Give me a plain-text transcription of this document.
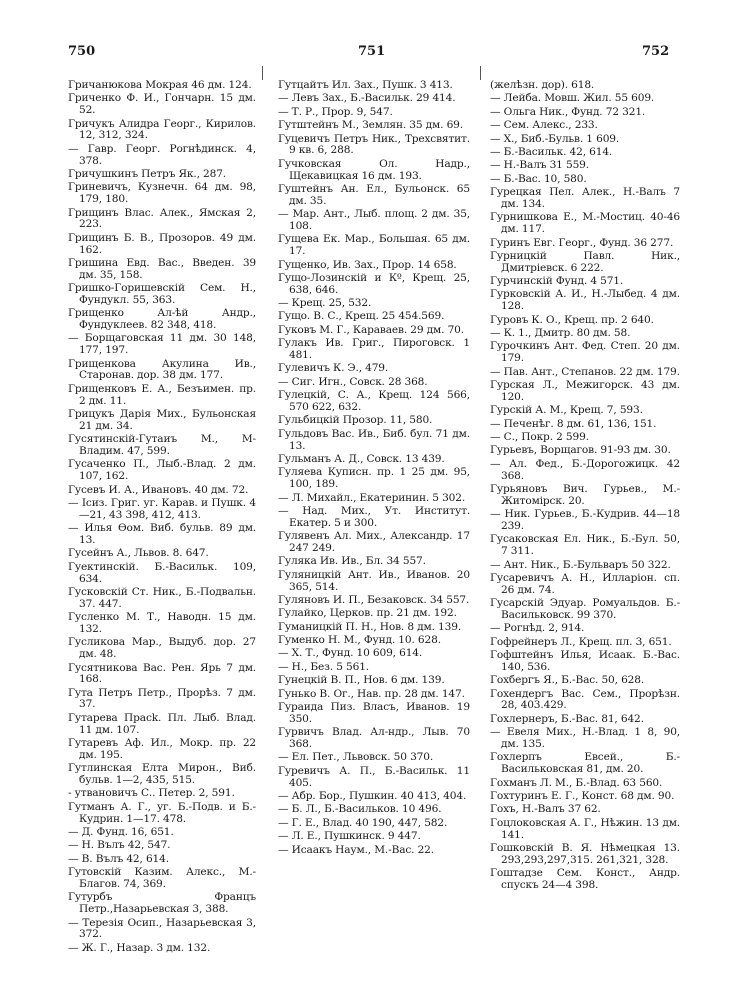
750	751	752
Гричанюкова Мокрая 46 дм. 124.
Гриченко Ф. И., Гончарн. 15 дм. 52.
Гричукъ Алидра Георг., Кирилов. 12, 312, 324.
— Гавр. Георг. Рогнѣдинск. 4, 378.
Гричушкинъ Петръ Як., 287.
Гриневичъ, Кузнечн. 64 дм. 98, 179, 180.
Грищинъ Влас. Алек., Ямская 2, 223.
Грищинъ Б. В., Прозоров. 49 дм. 162.
Гришина Евд. Вас., Введен. 39 дм. 35, 158.
Гришко-Горишевскій Сем. Н., Фундукл. 55, 363.
Грищенко Ал-ѣй Андр., Фундуклеев. 82 348, 418.
— Борщаговская 11 дм. 30 148, 177, 197.
Грищенкова Акулина Ив., Старонав. дор. 38 дм. 177.
Грищенковъ Е. А., Безъимен. пр. 2 дм. 11.
Грицукъ Дарія Мих., Бульонская 21 дм. 34.
Гусятинскій-Гутаиъ М., М-Владим. 47, 599.
Гусаченко П., Лыб.-Влад. 2 дм. 107, 162.
Гусевъ И. А., Ивановъ. 40 дм. 72.
— Ісиз. Григ. уг. Карав. и Пушк. 4—21, 43 398, 412, 413.
— Илья Ѳом. Виб. бульв. 89 дм. 13.
Гусейнъ А., Львов. 8. 647.
Гуектинскій. Б.-Васильк. 109, 634.
Гусковскій Ст. Ник., Б.-Подвальн. 37. 447.
Гусленко М. Т., Наводн. 15 дм. 132.
Гусликова Мар., Выдуб. дор. 27 дм. 48.
Гусятникова Вас. Рен. Ярь 7 дм. 168.
Гута Петръ Петр., Прорѣз. 7 дм. 37.
Гутарева Прасk. Пл. Лыб. Влад. 11 дм. 107.
Гутаревъ Аф. Ил., Мокр. пр. 22 дм. 195.
Гутлинская Елта Мирон., Виб. бульв. 1—2, 435, 515.
- утвановичъ С.. Петер. 2, 591.
Гутманъ А. Г., уг. Б.-Подв. и Б.-Кудрин. 1—17. 478.
— Д. Фунд. 16, 651.
— Н. Вълъ 42, 547.
— В. Вълъ 42, 614.
Гутовскій Казим. Алекс., М.-Благов. 74, 369.
Гутурбъ Францъ Петр.,Назарьевская 3, 388.
— Терезія Осип., Назарьевская 3, 372.
— Ж. Г., Назар. 3 дм. 132.
Гутцайтъ Ил. Зах., Пушк. 3 413.
— Левъ Зах., Б.-Васильк. 29 414.
— Т. Р., Прор. 9, 547.
Гутштейнъ М., Землян. 35 дм. 69.
Гуцевичъ Петръ Ник., Трехсвятит. 9 кв. 6, 288.
Гучковская Ол. Надр., Щекавицкая 16 дм. 193.
Гуштейнъ Ан. Ел., Бульонск. 65 дм. 35.
— Мар. Ант., Лыб. площ. 2 дм. 35, 108.
Гущева Ек. Мар., Большая. 65 дм. 17.
Гущенко, Ив. Зах., Прор. 14 658.
Гущо-Лозинскій и Кº, Крещ. 25, 638, 646.
— Крещ. 25, 532.
Гущо. В. С., Крещ. 25 454.569.
Гуковъ М. Г., Караваев. 29 дм. 70.
Гулакъ Ив. Григ., Пироговск. 1 481.
Гулевичъ К. Э., 479.
— Сиг. Игн., Совск. 28 368.
Гулецкій, С. А., Крещ. 124 566, 570 622, 632.
Гульбицкій Прозор. 11, 580.
Гульдовъ Вас. Ив., Биб. бул. 71 дм. 13.
Гульманъ А. Д., Совск. 13 439.
Гуляева Куписн. пр. 1 25 дм. 95, 100, 189.
— Л. Михайл., Екатеринин. 5 302.
— Над. Мих., Ут. Институт. Екатер. 5 и 300.
Гулявенъ Ал. Мих., Александр. 17 247 249.
Гуляка Ив. Ив., Бл. 34 557.
Гуляницкій Ант. Ив., Иванов. 20 365, 514.
Гуляновъ И. П., Безаковск. 34 557.
Гулайко, Церков. пр. 21 дм. 192.
Гуманицкій П. Н., Нов. 8 дм. 139.
Гуменко Н. М., Фунд. 10. 628.
— Х. Т., Фунд. 10 609, 614.
— Н., Без. 5 561.
Гунецкій В. П., Нов. 6 дм. 139.
Гунько В. Ог., Нав. пр. 28 дм. 147.
Гураида Пиз. Власъ, Иванов. 19 350.
Гурвичъ Влад. Ал-ндр., Лыв. 70 368.
— Ел. Пет., Львовск. 50 370.
Гуревичъ А. П., Б.-Васильк. 11 405.
— Абр. Бор., Пушкин. 40 413, 404.
— Б. Л., Б.-Васильков. 10 496.
— Г. Е., Влад. 40 190, 447, 582.
— Л. Е., Пушкинск. 9 447.
— Исаакъ Наум., М.-Вас. 22.
(желѣзн. дор). 618.
— Лейба. Мовш. Жил. 55 609.
— Ольга Ник., Фунд. 72 321.
— Сем. Алекс., 233.
— Х., Биб.-Бульв. 1 609.
— Б.-Васильк. 42, 614.
— Н.-Валъ 31 559.
— Б.-Вас. 10, 580.
Гурецкая Пел. Алек., Н.-Валъ 7 дм. 134.
Гурнишкова Е., М.-Мостиц. 40-46 дм. 117.
Гуринъ Евг. Георг., Фунд. 36 277.
Гурницкій Павл. Ник., Дмитріевск. 6 222.
Гурчинскій Фунд. 4 571.
Гурковскій А. И., Н.-Лыбед. 4 дм. 128.
Гуровъ К. О., Крещ. пр. 2 640.
— К. 1., Дмитр. 80 дм. 58.
Гурочкинъ Ант. Фед. Степ. 20 дм. 179.
— Пав. Ант., Степанов. 22 дм. 179.
Гурская Л., Межигорск. 43 дм. 120.
Гурскій А. М., Крещ. 7, 593.
— Печенѣг. 8 дм. 61, 136, 151.
— С., Покр. 2 599.
Гурьевъ, Ворщагов. 91-93 дм. 30.
— Ал. Фед., Б.-Дорогожицк. 42 368.
Гурьяновъ Вич. Гурьев., М.-Житомірск. 20.
— Ник. Гурьев., Б.-Кудрив. 44—18 239.
Гусаковская Ел. Ник., Б.-Бул. 50, 7 311.
— Ант. Ник., Б.-Бульваръ 50 322.
Гусаревичъ А. Н., Илларіон. сп. 26 дм. 74.
Гусарскій Эдуар. Ромуальдов. Б.-Васильковск. 99 370.
— Рогнѣд. 2, 914.
Гофрейнеръ Л., Крещ. пл. 3, 651.
Гофштейнъ Илья, Исаак. Б.-Вас. 140, 536.
Гохбергъ Я., Б.-Вас. 50, 628.
Гохендергъ Вас. Сем., Прорѣзн. 28, 403.429.
Гохлернеръ, Б.-Вас. 81, 642.
— Евеля Мих., Н.-Влад. 1 8, 90, дм. 135.
Гохлерпъ Евсей., Б.-Васильковская 81, дм. 20.
Гохманъ Л. М., Б.-Влад. 63 560.
Гохтуринъ Е. Г., Конст. 68 дм. 90.
Гохъ, Н.-Валъ 37 62.
Гоцлоковская А. Г., Нѣжин. 13 дм. 141.
Гошковскій В. Я. Нѣмецкая 13. 293,293,297,315. 261,321, 328.
Гоштадзе Сем. Конст., Андр. спускъ 24—4 398.
